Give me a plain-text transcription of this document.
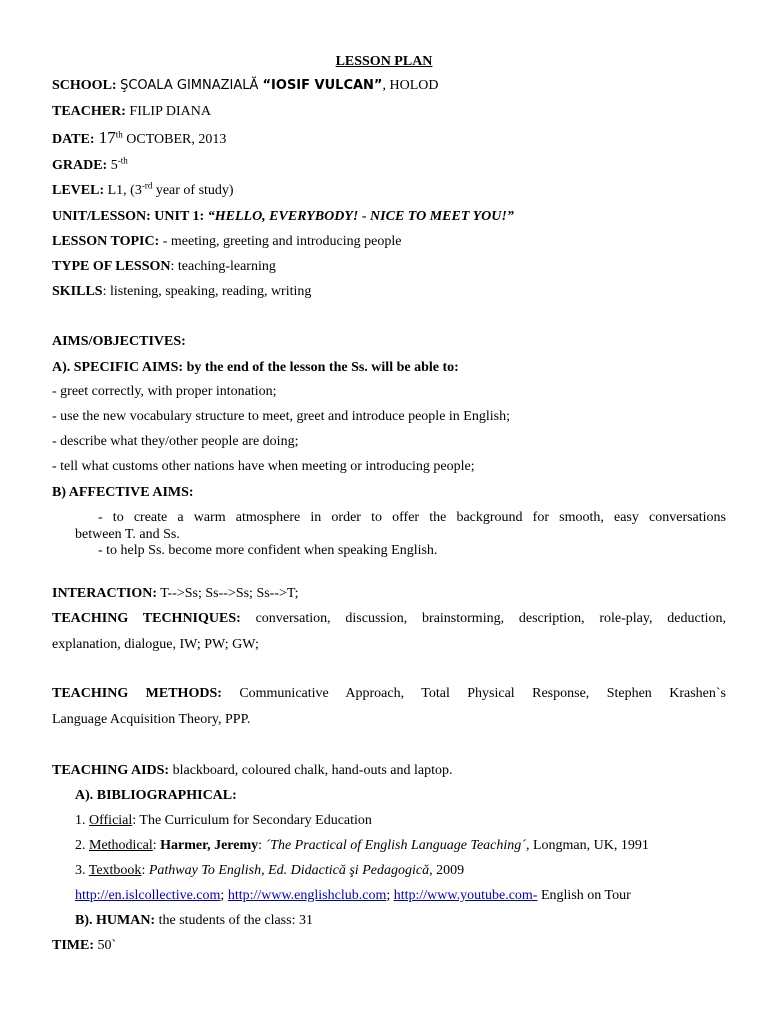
LESSON PLAN
SCHOOL: ŞCOALA GIMNAZIALĂ “IOSIF VULCAN”, HOLOD
TEACHER: FILIP DIANA
DATE: 17th OCTOBER, 2013
GRADE: $5^{-th}$
LEVEL: L1, ($3^{-rd}$ year of study)
UNIT/LESSON: UNIT 1: “HELLO, EVERYBODY! - NICE TO MEET YOU!”
LESSON TOPIC: - meeting, greeting and introducing people
TYPE OF LESSON: teaching-learning
SKILLS: listening, speaking, reading, writing
AIMS/OBJECTIVES:
A). SPECIFIC AIMS: by the end of the lesson the Ss. will be able to:
- greet correctly, with proper intonation;
- use the new vocabulary structure to meet, greet and introduce people in English;
- describe what they/other people are doing;
- tell what customs other nations have when meeting or introducing people;
B) AFFECTIVE AIMS:
- to create a warm atmosphere in order to offer the background for smooth, easy conversations
between T. and Ss.
- to help Ss. become more confident when speaking English.
INTERACTION: T-->Ss; Ss-->Ss; Ss-->T;
TEACHING TECHNIQUES: conversation, discussion, brainstorming, description, role-play, deduction,
explanation, dialogue, IW; PW; GW;
TEACHING METHODS: Communicative Approach, Total Physical Response, Stephen Krashen`s
Language Acquisition Theory, PPP.
TEACHING AIDS: blackboard, coloured chalk, hand-outs and laptop.
A). BIBLIOGRAPHICAL:
1. Official: The Curriculum for Secondary Education
2. Methodical: Harmer, Jeremy: ´The Practical of English Language Teaching´, Longman, UK, 1991
3. Textbook: Pathway To English, Ed. Didactică şi Pedagogică, 2009
http://en.islcollective.com; http://www.englishclub.com; http://www.youtube.com- English on Tour
B). HUMAN: the students of the class: 31
TIME: 50`
